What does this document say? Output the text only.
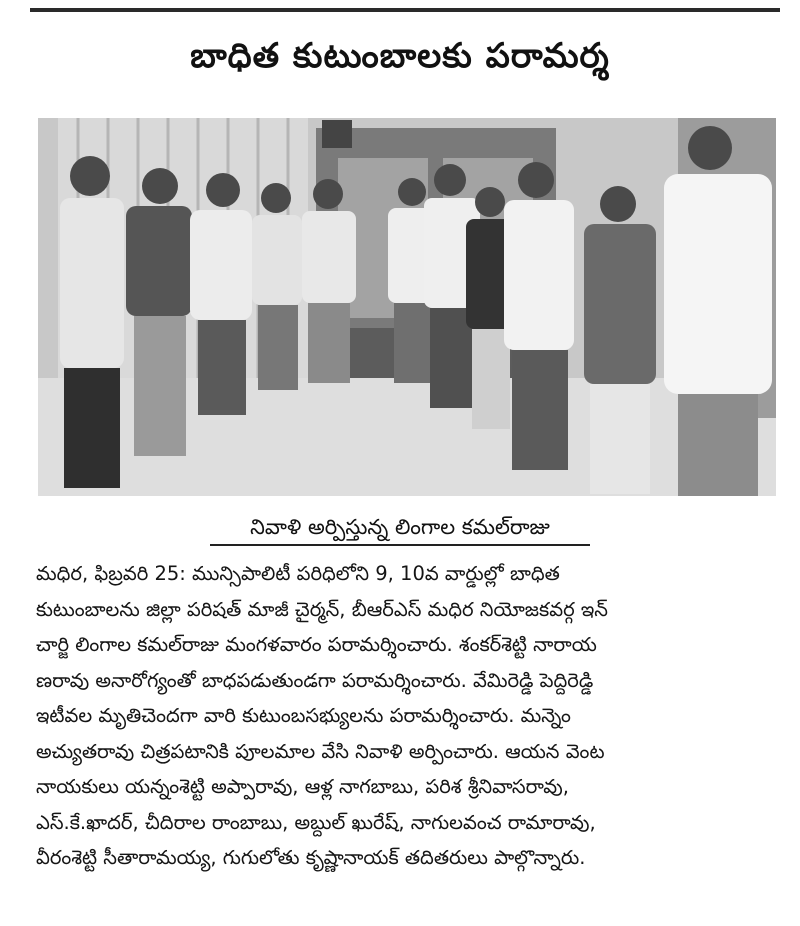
బాధిత కుటుంబాలకు పరామర్శ
నివాళి అర్పిస్తున్న లింగాల కమల్‌రాజు
మధిర, ఫిబ్రవరి 25: మున్సిపాలిటీ పరిధిలోని 9, 10వ వార్డుల్లో బాధిత
కుటుంబాలను జిల్లా పరిషత్ మాజీ చైర్మన్, బీఆర్ఎస్ మధిర నియోజకవర్గ ఇన్
చార్జి లింగాల కమల్‌రాజు మంగళవారం పరామర్శించారు. శంకర్‌శెట్టి నారాయ
ణరావు అనారోగ్యంతో బాధపడుతుండగా పరామర్శించారు. వేమిరెడ్డి పెద్దిరెడ్డి
ఇటీవల మృతిచెందగా వారి కుటుంబసభ్యులను పరామర్శించారు. మన్నెం
అచ్యుతరావు చిత్రపటానికి పూలమాల వేసి నివాళి అర్పించారు. ఆయన వెంట
నాయకులు యన్నంశెట్టి అప్పారావు, ఆళ్ల నాగబాబు, పరిశ శ్రీనివాసరావు,
ఎస్.కే.ఖాదర్, చీదిరాల రాంబాబు, అబ్దుల్ ఖురేష్, నాగులవంచ రామారావు,
వీరంశెట్టి సీతారామయ్య, గుగులోతు కృష్ణానాయక్ తదితరులు పాల్గొన్నారు.
